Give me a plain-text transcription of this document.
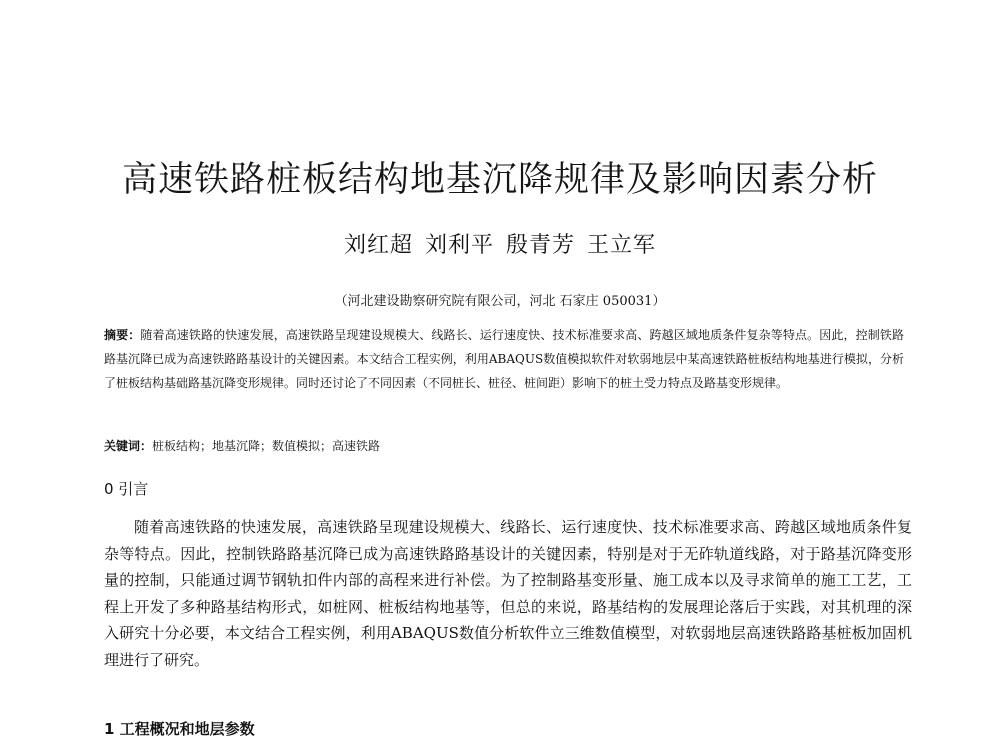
高速铁路桩板结构地基沉降规律及影响因素分析
刘红超 刘利平 殷青芳 王立军
（河北建设勘察研究院有限公司，河北 石家庄 050031）
摘要：随着高速铁路的快速发展，高速铁路呈现建设规模大、线路长、运行速度快、技术标准要求高、跨越区域地质条件复杂等特点。因此，控制铁路路基沉降已成为高速铁路路基设计的关键因素。本文结合工程实例，利用ABAQUS数值模拟软件对软弱地层中某高速铁路桩板结构地基进行模拟，分析了桩板结构基础路基沉降变形规律。同时还讨论了不同因素（不同桩长、桩径、桩间距）影响下的桩土受力特点及路基变形规律。
关键词：桩板结构；地基沉降；数值模拟；高速铁路
0 引言
随着高速铁路的快速发展，高速铁路呈现建设规模大、线路长、运行速度快、技术标准要求高、跨越区域地质条件复杂等特点。因此，控制铁路路基沉降已成为高速铁路路基设计的关键因素，特别是对于无砟轨道线路，对于路基沉降变形量的控制，只能通过调节钢轨扣件内部的高程来进行补偿。为了控制路基变形量、施工成本以及寻求简单的施工工艺，工程上开发了多种路基结构形式，如桩网、桩板结构地基等，但总的来说，路基结构的发展理论落后于实践，对其机理的深入研究十分必要，本文结合工程实例，利用ABAQUS数值分析软件立三维数值模型，对软弱地层高速铁路路基桩板加固机理进行了研究。
1 工程概况和地层参数
